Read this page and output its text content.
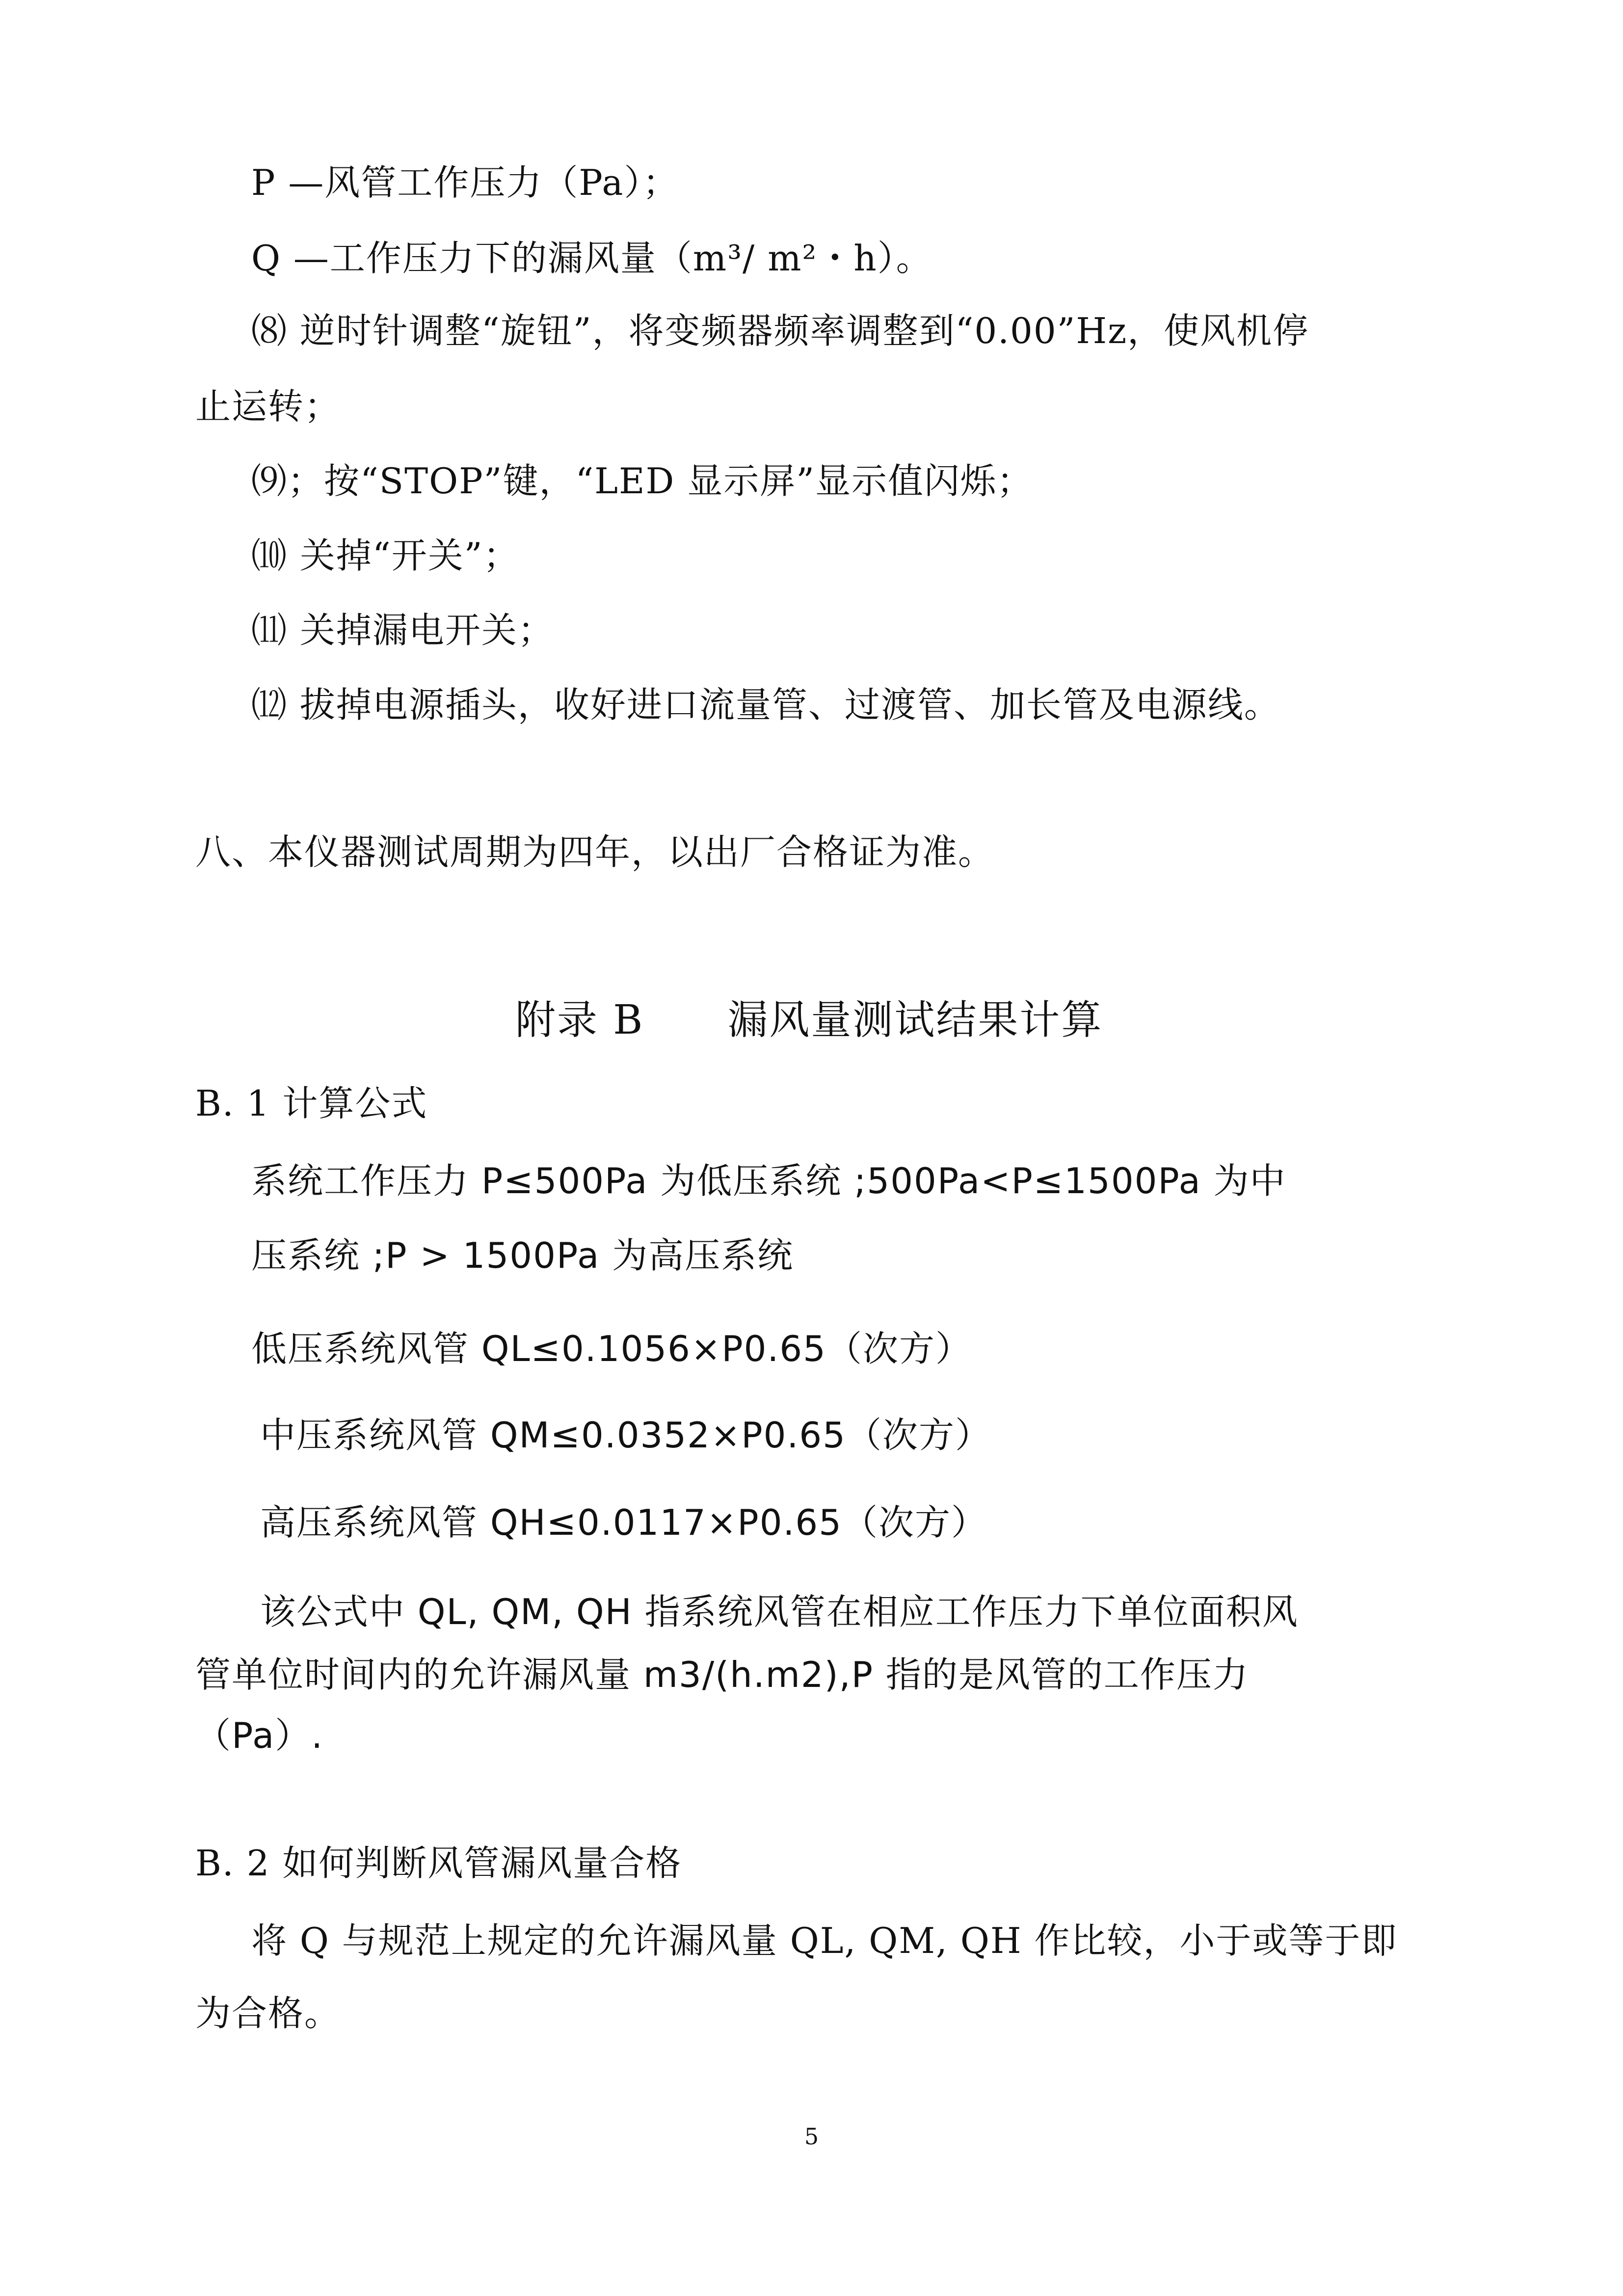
P —风管工作压力（Pa）；
Q —工作压力下的漏风量（m³/ m²・h）。
⑻ 逆时针调整“旋钮”，将变频器频率调整到“0.00”Hz，使风机停
止运转；
⑼；按“STOP”键，“LED 显示屏”显示值闪烁；
⑽ 关掉“开关”；
⑾ 关掉漏电开关；
⑿ 拔掉电源插头，收好进口流量管、过渡管、加长管及电源线。
八、本仪器测试周期为四年，以出厂合格证为准。
附录 B　　漏风量测试结果计算
B. 1 计算公式
系统工作压力 P≤500Pa 为低压系统 ;500Pa<P≤1500Pa 为中
压系统 ;P > 1500Pa 为高压系统
低压系统风管 QL≤0.1056×P0.65（次方）
中压系统风管 QM≤0.0352×P0.65（次方）
高压系统风管 QH≤0.0117×P0.65（次方）
该公式中 QL, QM, QH 指系统风管在相应工作压力下单位面积风
管单位时间内的允许漏风量 m3/(h.m2),P 指的是风管的工作压力
（Pa）.
B. 2 如何判断风管漏风量合格
将 Q 与规范上规定的允许漏风量 QL, QM, QH 作比较，小于或等于即
为合格。
5
